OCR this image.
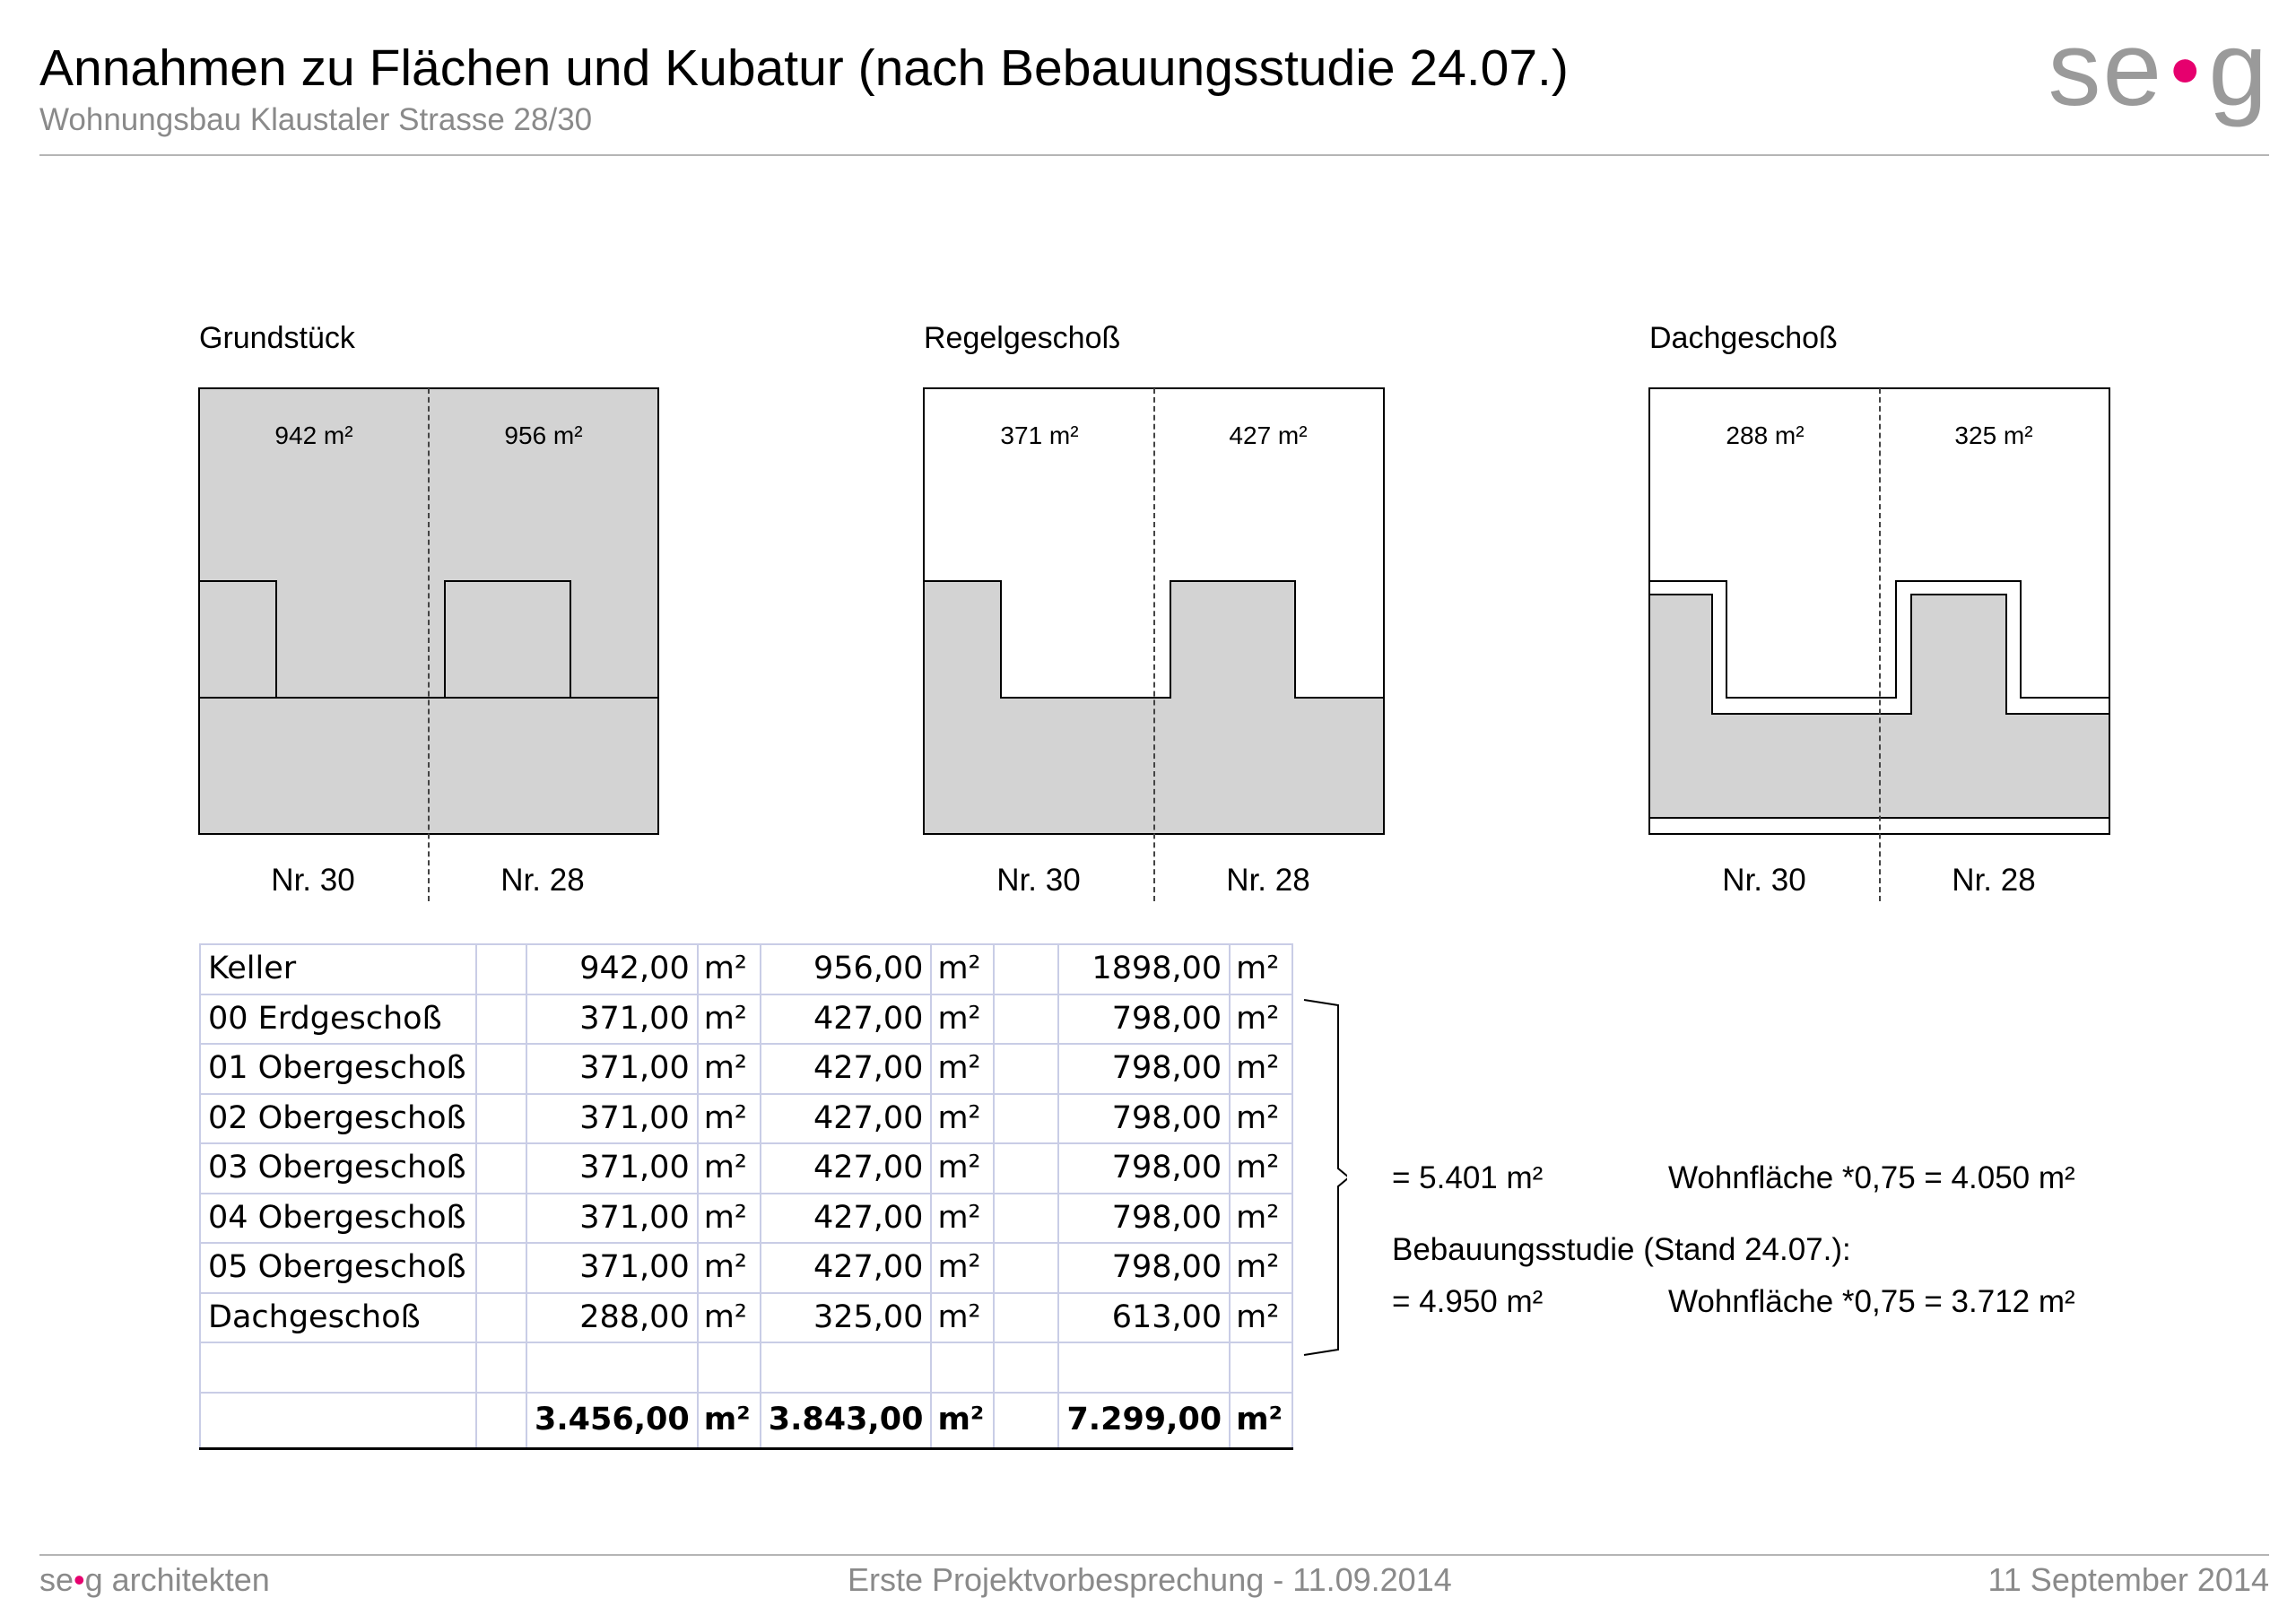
Annahmen zu Flächen und Kubatur (nach Bebauungsstudie 24.07.)
Wohnungsbau Klaustaler Strasse 28/30	se ●g
Grundstück
942 m²	956 m²
Nr. 30	Nr. 28
Regelgeschoß
371 m²	427 m²
Nr. 30	Nr. 28
Dachgeschoß
288 m²	325 m²
Nr. 30	Nr. 28
Keller		942,00	m²	956,00	m²		1898,00	m²
00 Erdgeschoß		371,00	m²	427,00	m²		798,00	m²
01 Obergeschoß		371,00	m²	427,00	m²		798,00	m²
02 Obergeschoß		371,00	m²	427,00	m²		798,00	m²
03 Obergeschoß		371,00	m²	427,00	m²		798,00	m²
04 Obergeschoß		371,00	m²	427,00	m²		798,00	m²
05 Obergeschoß		371,00	m²	427,00	m²		798,00	m²
Dachgeschoß		288,00	m²	325,00	m²		613,00	m²

		3.456,00	m²	3.843,00	m²		7.299,00	m²
= 5.401 m²	Wohnfläche *0,75 = 4.050 m²
Bebauungsstudie (Stand 24.07.):
= 4.950 m²	Wohnfläche *0,75 = 3.712 m²
se•g architekten	Erste Projektvorbesprechung - 11.09.2014	11 September 2014
